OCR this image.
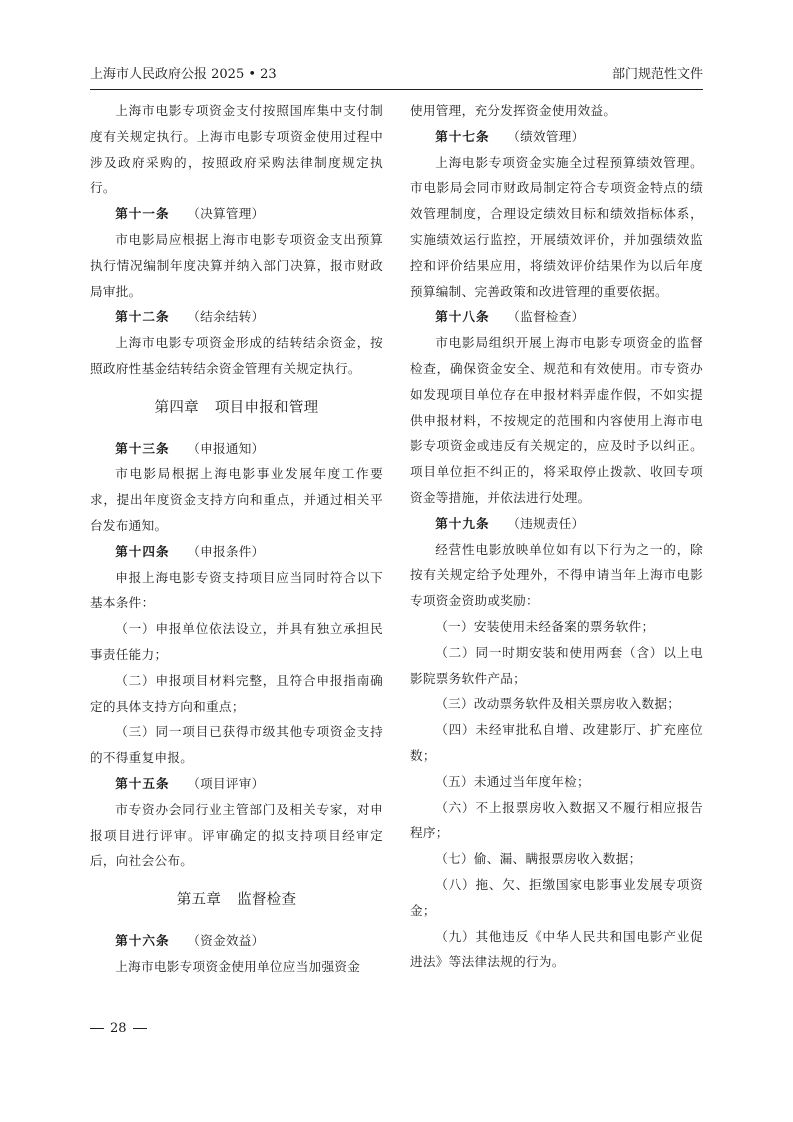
上海市人民政府公报 2025 • 23	部门规范性文件

上海市电影专项资金支付按照国库集中支付制度有关规定执行。上海市电影专项资金使用过程中涉及政府采购的，按照政府采购法律制度规定执行。

第十一条 （决算管理）

市电影局应根据上海市电影专项资金支出预算执行情况编制年度决算并纳入部门决算，报市财政局审批。

第十二条 （结余结转）

上海市电影专项资金形成的结转结余资金，按照政府性基金结转结余资金管理有关规定执行。

第四章 项目申报和管理

第十三条 （申报通知）

市电影局根据上海电影事业发展年度工作要求，提出年度资金支持方向和重点，并通过相关平台发布通知。

第十四条 （申报条件）

申报上海电影专资支持项目应当同时符合以下基本条件：

（一）申报单位依法设立，并具有独立承担民事责任能力；

（二）申报项目材料完整，且符合申报指南确定的具体支持方向和重点；

（三）同一项目已获得市级其他专项资金支持的不得重复申报。

第十五条 （项目评审）

市专资办会同行业主管部门及相关专家，对申报项目进行评审。评审确定的拟支持项目经审定后，向社会公布。

第五章 监督检查

第十六条 （资金效益）

上海市电影专项资金使用单位应当加强资金

使用管理，充分发挥资金使用效益。

第十七条 （绩效管理）

上海电影专项资金实施全过程预算绩效管理。市电影局会同市财政局制定符合专项资金特点的绩效管理制度，合理设定绩效目标和绩效指标体系，实施绩效运行监控，开展绩效评价，并加强绩效监控和评价结果应用，将绩效评价结果作为以后年度预算编制、完善政策和改进管理的重要依据。

第十八条 （监督检查）

市电影局组织开展上海市电影专项资金的监督检查，确保资金安全、规范和有效使用。市专资办如发现项目单位存在申报材料弄虚作假，不如实提供申报材料，不按规定的范围和内容使用上海市电影专项资金或违反有关规定的，应及时予以纠正。项目单位拒不纠正的，将采取停止拨款、收回专项资金等措施，并依法进行处理。

第十九条 （违规责任）

经营性电影放映单位如有以下行为之一的，除按有关规定给予处理外，不得申请当年上海市电影专项资金资助或奖励：

（一）安装使用未经备案的票务软件；

（二）同一时期安装和使用两套（含）以上电影院票务软件产品；

（三）改动票务软件及相关票房收入数据；

（四）未经审批私自增、改建影厅、扩充座位数；

（五）未通过当年度年检；

（六）不上报票房收入数据又不履行相应报告程序；

（七）偷、漏、瞒报票房收入数据；

（八）拖、欠、拒缴国家电影事业发展专项资金；

（九）其他违反《中华人民共和国电影产业促进法》等法律法规的行为。

28
